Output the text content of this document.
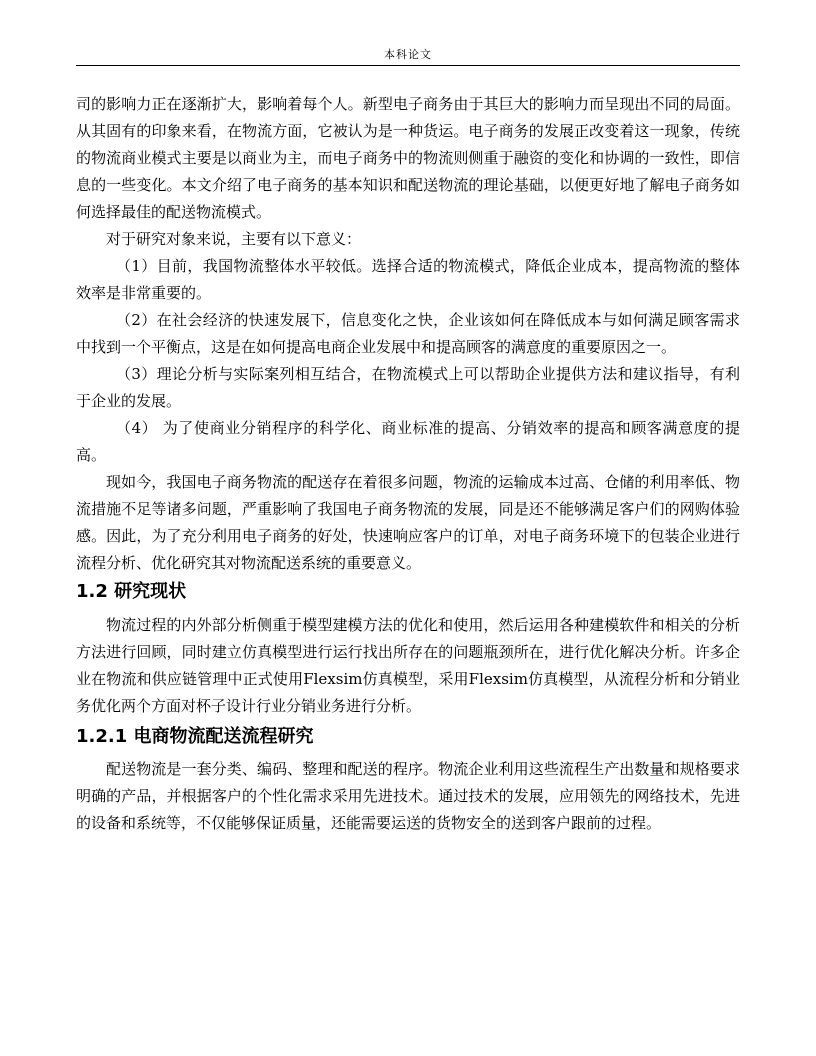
本科论文

司的影响力正在逐渐扩大，影响着每个人。新型电子商务由于其巨大的影响力而呈现出不同的局面。从其固有的印象来看，在物流方面，它被认为是一种货运。电子商务的发展正改变着这一现象，传统的物流商业模式主要是以商业为主，而电子商务中的物流则侧重于融资的变化和协调的一致性，即信息的一些变化。本文介绍了电子商务的基本知识和配送物流的理论基础，以便更好地了解电子商务如何选择最佳的配送物流模式。

对于研究对象来说，主要有以下意义：

（1）目前，我国物流整体水平较低。选择合适的物流模式，降低企业成本，提高物流的整体效率是非常重要的。

（2）在社会经济的快速发展下，信息变化之快，企业该如何在降低成本与如何满足顾客需求中找到一个平衡点，这是在如何提高电商企业发展中和提高顾客的满意度的重要原因之一。

（3）理论分析与实际案列相互结合，在物流模式上可以帮助企业提供方法和建议指导，有利于企业的发展。

（4） 为了使商业分销程序的科学化、商业标准的提高、分销效率的提高和顾客满意度的提高。

现如今，我国电子商务物流的配送存在着很多问题，物流的运输成本过高、仓储的利用率低、物流措施不足等诸多问题，严重影响了我国电子商务物流的发展，同是还不能够满足客户们的网购体验感。因此，为了充分利用电子商务的好处，快速响应客户的订单，对电子商务环境下的包装企业进行流程分析、优化研究其对物流配送系统的重要意义。

1.2 研究现状

物流过程的内外部分析侧重于模型建模方法的优化和使用，然后运用各种建模软件和相关的分析方法进行回顾，同时建立仿真模型进行运行找出所存在的问题瓶颈所在，进行优化解决分析。许多企业在物流和供应链管理中正式使用Flexsim仿真模型，采用Flexsim仿真模型，从流程分析和分销业务优化两个方面对杯子设计行业分销业务进行分析。

1.2.1 电商物流配送流程研究

配送物流是一套分类、编码、整理和配送的程序。物流企业利用这些流程生产出数量和规格要求明确的产品，并根据客户的个性化需求采用先进技术。通过技术的发展，应用领先的网络技术，先进的设备和系统等，不仅能够保证质量，还能需要运送的货物安全的送到客户跟前的过程。
